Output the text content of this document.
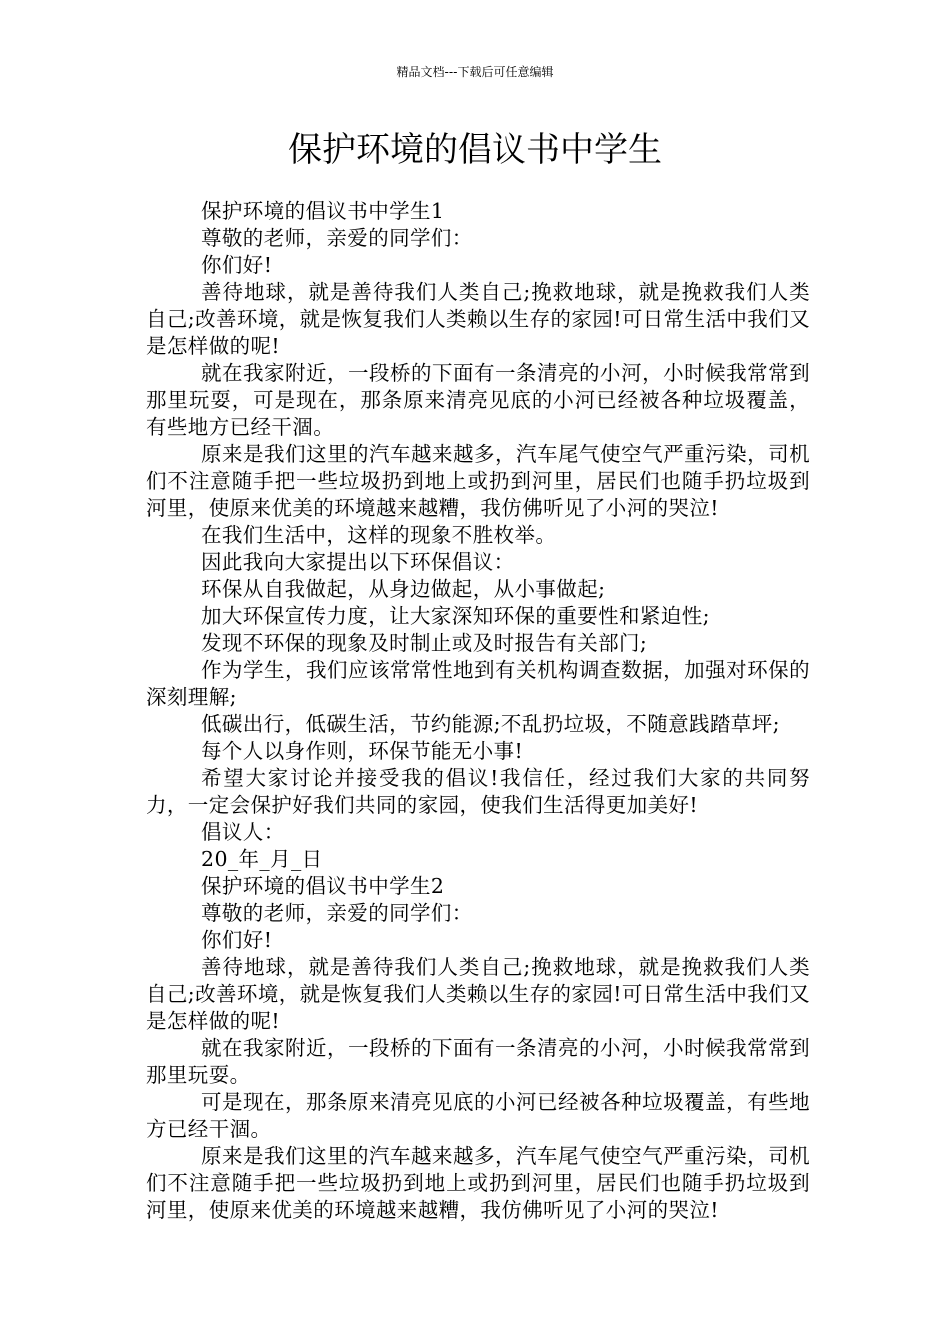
精品文档---下载后可任意编辑
保护环境的倡议书中学生

保护环境的倡议书中学生1

尊敬的老师，亲爱的同学们：

你们好!

善待地球，就是善待我们人类自己;挽救地球，就是挽救我们人类自己;改善环境，就是恢复我们人类赖以生存的家园!可日常生活中我们又是怎样做的呢!

就在我家附近，一段桥的下面有一条清亮的小河，小时候我常常到那里玩耍，可是现在，那条原来清亮见底的小河已经被各种垃圾覆盖，有些地方已经干涸。

原来是我们这里的汽车越来越多，汽车尾气使空气严重污染，司机们不注意随手把一些垃圾扔到地上或扔到河里，居民们也随手扔垃圾到河里，使原来优美的环境越来越糟，我仿佛听见了小河的哭泣!

在我们生活中，这样的现象不胜枚举。

因此我向大家提出以下环保倡议：

环保从自我做起，从身边做起，从小事做起;

加大环保宣传力度，让大家深知环保的重要性和紧迫性;

发现不环保的现象及时制止或及时报告有关部门;

作为学生，我们应该常常性地到有关机构调查数据，加强对环保的深刻理解;

低碳出行，低碳生活，节约能源;不乱扔垃圾，不随意践踏草坪;

每个人以身作则，环保节能无小事!

希望大家讨论并接受我的倡议!我信任，经过我们大家的共同努力，一定会保护好我们共同的家园，使我们生活得更加美好!

倡议人：

20_年_月_日

保护环境的倡议书中学生2

尊敬的老师，亲爱的同学们：

你们好!

善待地球，就是善待我们人类自己;挽救地球，就是挽救我们人类自己;改善环境，就是恢复我们人类赖以生存的家园!可日常生活中我们又是怎样做的呢!

就在我家附近，一段桥的下面有一条清亮的小河，小时候我常常到那里玩耍。

可是现在，那条原来清亮见底的小河已经被各种垃圾覆盖，有些地方已经干涸。

原来是我们这里的汽车越来越多，汽车尾气使空气严重污染，司机们不注意随手把一些垃圾扔到地上或扔到河里，居民们也随手扔垃圾到河里，使原来优美的环境越来越糟，我仿佛听见了小河的哭泣!
